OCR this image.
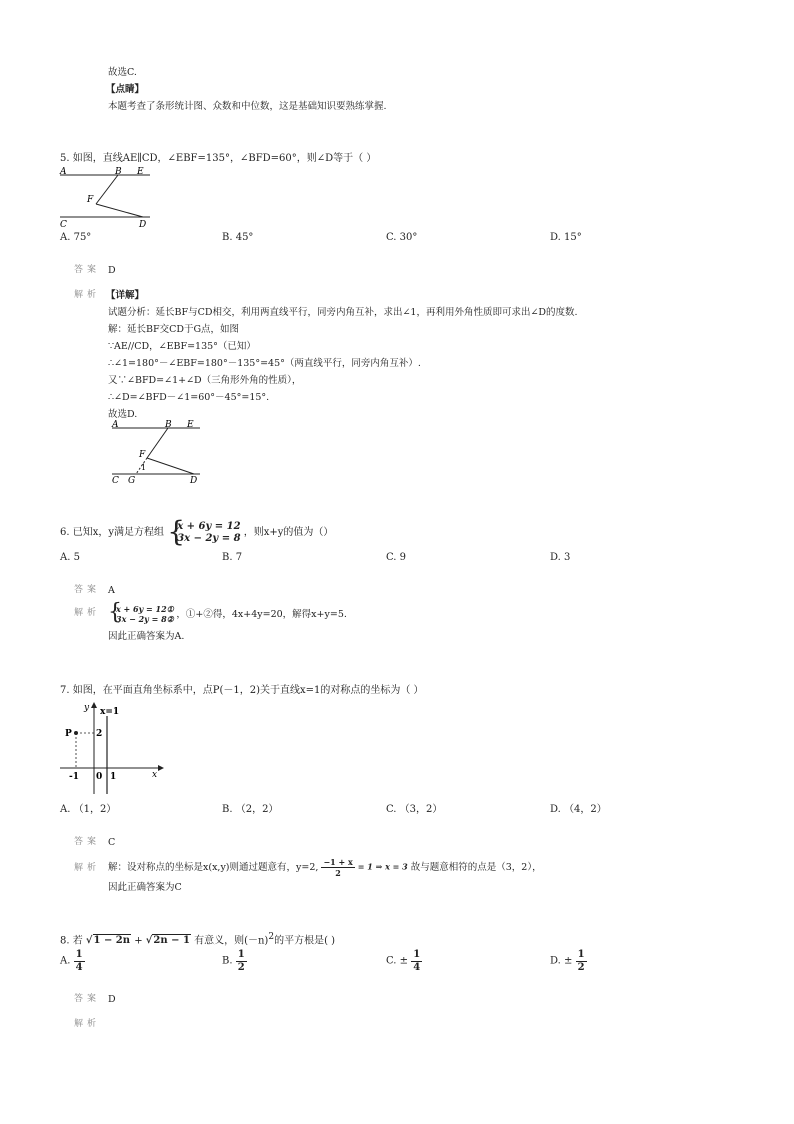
故选C.
【点睛】
本题考查了条形统计图、众数和中位数，这是基础知识要熟练掌握.
5. 如图，直线AE∥CD，∠EBF=135°，∠BFD=60°，则∠D等于（ ）
A	B E
F
C	D
A. 75°	B. 45°	C. 30°	D. 15°
答案 D
解析 【详解】
试题分析：延长BF与CD相交，利用两直线平行，同旁内角互补，求出∠1，再利用外角性质即可求出∠D的度数.
解：延长BF交CD于G点，如图
∵AE//CD，∠EBF=135°（已知）
∴∠1=180°－∠EBF=180°－135°=45°（两直线平行，同旁内角互补）.
又∵∠BFD=∠1+∠D（三角形外角的性质），
∴∠D=∠BFD－∠1=60°－45°=15°.
故选D.
A	B E
F
1
C G	D
6. 已知x，y满足方程组 {
x + 6y = 12
3x − 2y = 8
，则x+y的值为（）
A. 5	B. 7	C. 9	D. 3
答案 A
解析 {
x + 6y = 12①
3x − 2y = 8② ，①+②得，4x+4y=20，解得x+y=5.
因此正确答案为A.
7. 如图，在平面直角坐标系中，点P(－1，2)关于直线x=1的对称点的坐标为（ ）
y x=1
P	2
-1 0 1	x
A. （1，2）	B. （2，2）	C. （3，2）	D. （4，2）
答案 C
解析 解：设对称点的坐标是x(x,y)则通过题意有，y=2, $\frac{-1 + x}{2} = 1$ ⇒ x = 3 故与题意相符的点是（3，2），
因此正确答案为C
8. 若 √1 − 2n + √2n − 1 有意义，则$(-n)^2$的平方根是( )
A. $\frac{1}{4}$	B. $\frac{1}{2}$	C. ± $\frac{1}{4}$	D. ± $\frac{1}{2}$
答案 D
解析
